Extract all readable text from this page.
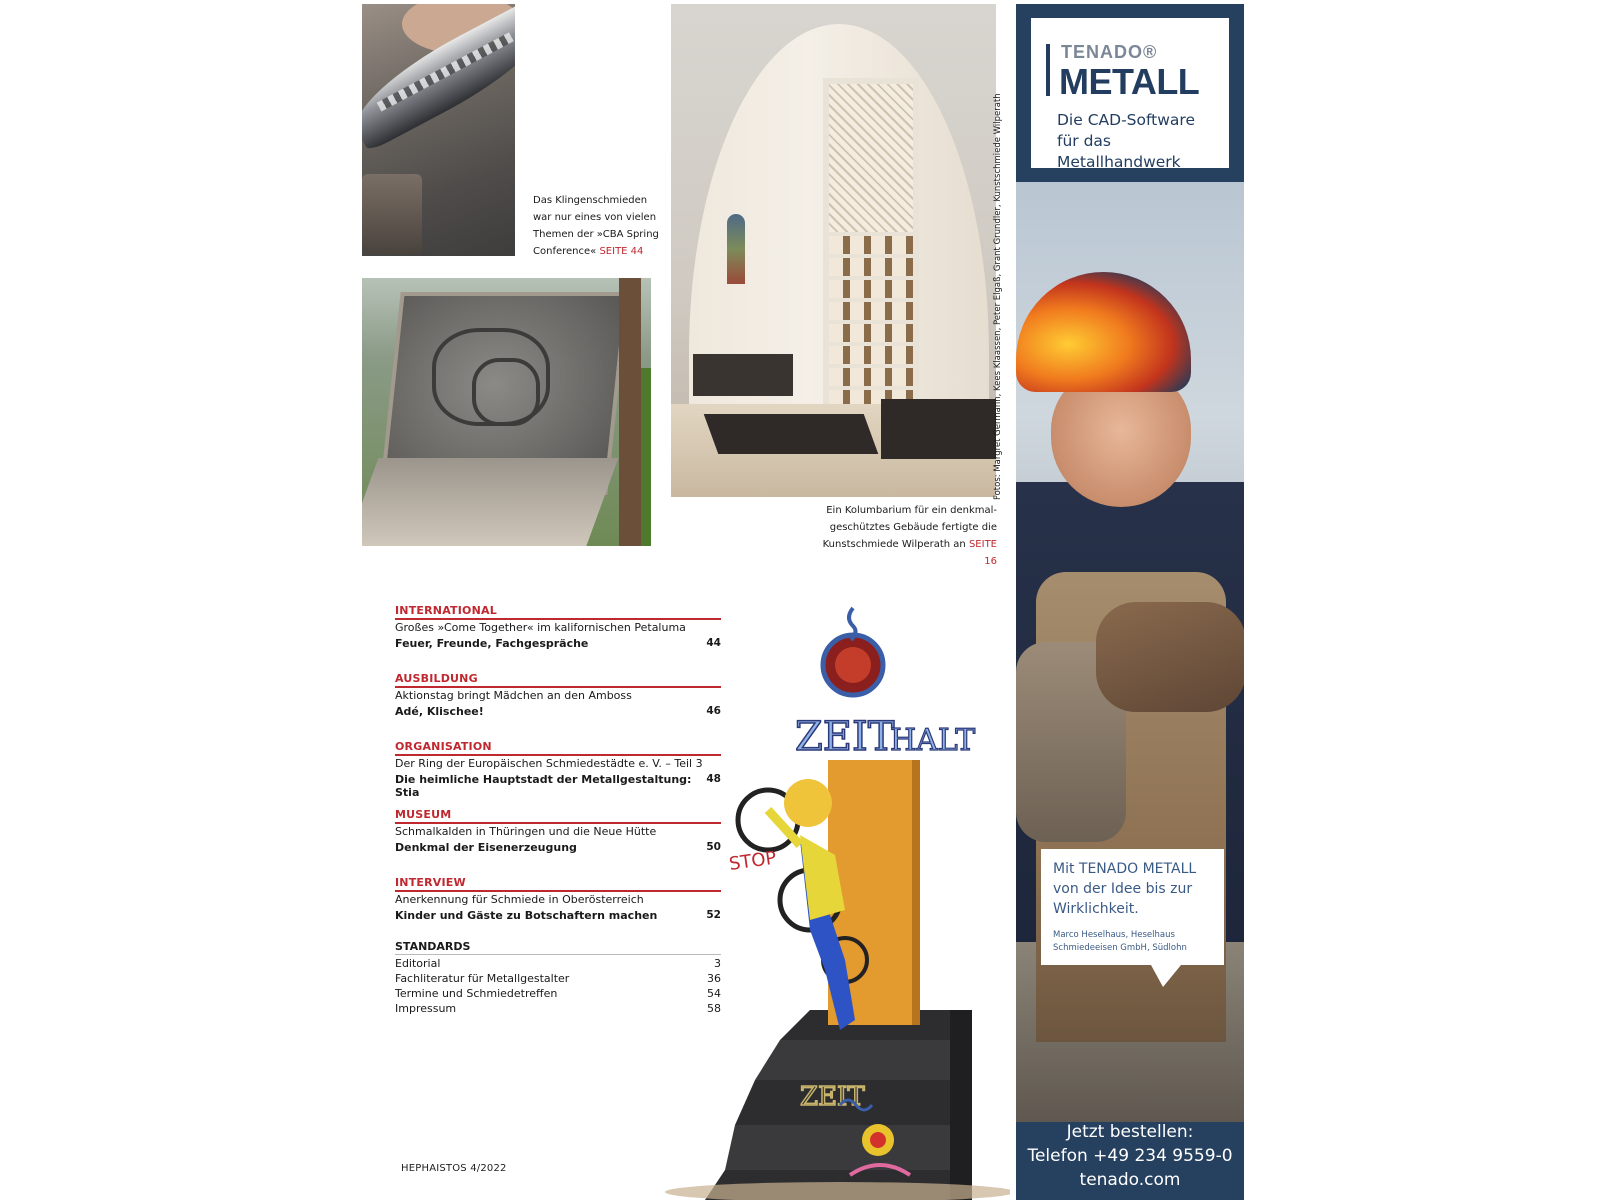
Das Klingenschmieden war nur eines von vielen Themen der »CBA Spring Conference« SEITE 44
Ein Kolumbarium für ein denkmalgeschütztes Gebäude fertigte die Kunstschmiede Wilperath an SEITE 16
Fotos: Margret Germann, Kees Klaassen, Peter Elgaß, Grant Grundler, Kunstschmiede Wilperath
INTERNATIONAL
Großes »Come Together« im kalifornischen Petaluma
Feuer, Freunde, Fachgespräche	44
AUSBILDUNG
Aktionstag bringt Mädchen an den Amboss
Adé, Klischee!	46
ORGANISATION
Der Ring der Europäischen Schmiedestädte e. V. – Teil 3
Die heimliche Hauptstadt der Metallgestaltung: Stia
48
MUSEUM
Schmalkalden in Thüringen und die Neue Hütte
Denkmal der Eisenerzeugung	50
INTERVIEW
Anerkennung für Schmiede in Oberösterreich
Kinder und Gäste zu Botschaftern machen	52
STANDARDS
Editorial	3
Fachliteratur für Metallgestalter	36
Termine und Schmiedetreffen	54
Impressum	58
HEPHAISTOS 4/2022
ZEIT
HALT
STOP
ZEIT
TENADO®
METALL
Die CAD-Software
für das Metallhandwerk
Mit TENADO METALL von der Idee bis zur Wirklichkeit.
Marco Heselhaus, Heselhaus
Schmiedeeisen GmbH, Südlohn
Jetzt bestellen:
Telefon +49 234 9559-0
tenado.com
